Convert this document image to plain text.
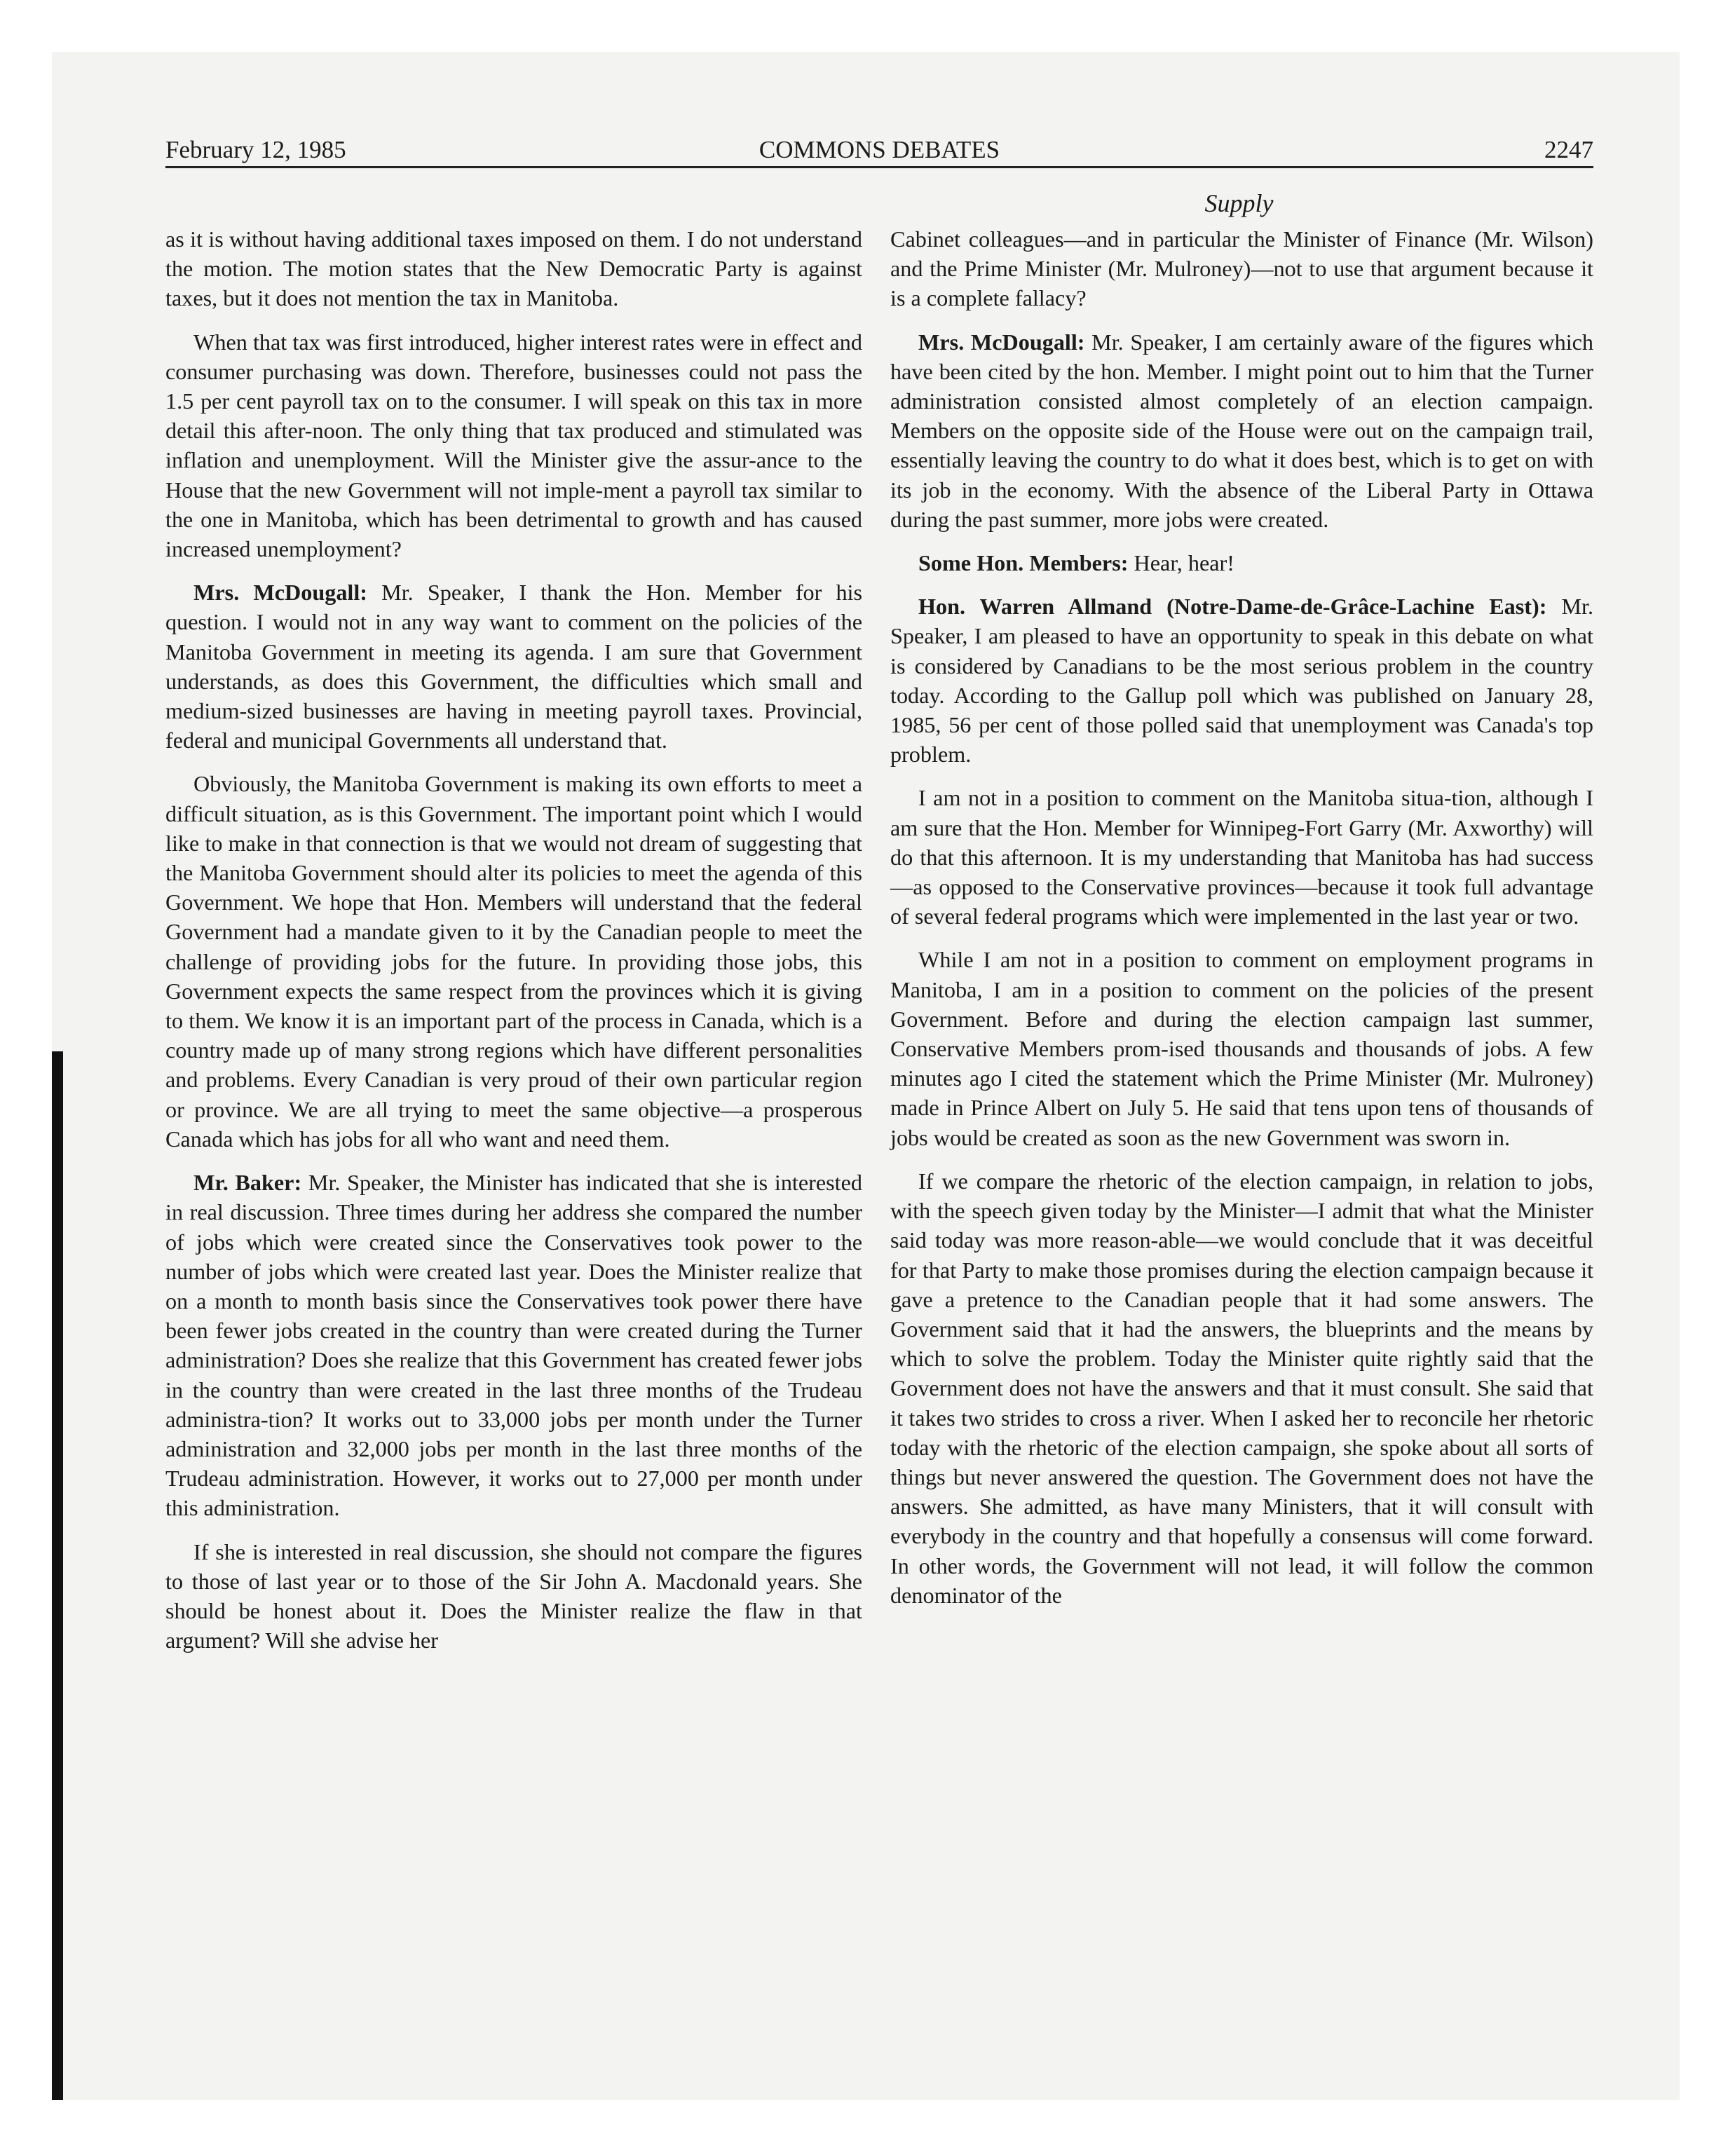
February 12, 1985	COMMONS DEBATES	2247
Supply

as it is without having additional taxes imposed on them. I do not understand the motion. The motion states that the New Democratic Party is against taxes, but it does not mention the tax in Manitoba.

When that tax was first introduced, higher interest rates were in effect and consumer purchasing was down. Therefore, businesses could not pass the 1.5 per cent payroll tax on to the consumer. I will speak on this tax in more detail this after-noon. The only thing that tax produced and stimulated was inflation and unemployment. Will the Minister give the assur-ance to the House that the new Government will not imple-ment a payroll tax similar to the one in Manitoba, which has been detrimental to growth and has caused increased unemployment?

Mrs. McDougall: Mr. Speaker, I thank the Hon. Member for his question. I would not in any way want to comment on the policies of the Manitoba Government in meeting its agenda. I am sure that Government understands, as does this Government, the difficulties which small and medium-sized businesses are having in meeting payroll taxes. Provincial, federal and municipal Governments all understand that.

Obviously, the Manitoba Government is making its own efforts to meet a difficult situation, as is this Government. The important point which I would like to make in that connection is that we would not dream of suggesting that the Manitoba Government should alter its policies to meet the agenda of this Government. We hope that Hon. Members will understand that the federal Government had a mandate given to it by the Canadian people to meet the challenge of providing jobs for the future. In providing those jobs, this Government expects the same respect from the provinces which it is giving to them. We know it is an important part of the process in Canada, which is a country made up of many strong regions which have different personalities and problems. Every Canadian is very proud of their own particular region or province. We are all trying to meet the same objective—a prosperous Canada which has jobs for all who want and need them.

Mr. Baker: Mr. Speaker, the Minister has indicated that she is interested in real discussion. Three times during her address she compared the number of jobs which were created since the Conservatives took power to the number of jobs which were created last year. Does the Minister realize that on a month to month basis since the Conservatives took power there have been fewer jobs created in the country than were created during the Turner administration? Does she realize that this Government has created fewer jobs in the country than were created in the last three months of the Trudeau administra-tion? It works out to 33,000 jobs per month under the Turner administration and 32,000 jobs per month in the last three months of the Trudeau administration. However, it works out to 27,000 per month under this administration.

If she is interested in real discussion, she should not compare the figures to those of last year or to those of the Sir John A. Macdonald years. She should be honest about it. Does the Minister realize the flaw in that argument? Will she advise her

Cabinet colleagues—and in particular the Minister of Finance (Mr. Wilson) and the Prime Minister (Mr. Mulroney)—not to use that argument because it is a complete fallacy?

Mrs. McDougall: Mr. Speaker, I am certainly aware of the figures which have been cited by the hon. Member. I might point out to him that the Turner administration consisted almost completely of an election campaign. Members on the opposite side of the House were out on the campaign trail, essentially leaving the country to do what it does best, which is to get on with its job in the economy. With the absence of the Liberal Party in Ottawa during the past summer, more jobs were created.

Some Hon. Members: Hear, hear!

Hon. Warren Allmand (Notre-Dame-de-Grâce-Lachine East): Mr. Speaker, I am pleased to have an opportunity to speak in this debate on what is considered by Canadians to be the most serious problem in the country today. According to the Gallup poll which was published on January 28, 1985, 56 per cent of those polled said that unemployment was Canada's top problem.

I am not in a position to comment on the Manitoba situa-tion, although I am sure that the Hon. Member for Winnipeg-Fort Garry (Mr. Axworthy) will do that this afternoon. It is my understanding that Manitoba has had success—as opposed to the Conservative provinces—because it took full advantage of several federal programs which were implemented in the last year or two.

While I am not in a position to comment on employment programs in Manitoba, I am in a position to comment on the policies of the present Government. Before and during the election campaign last summer, Conservative Members prom-ised thousands and thousands of jobs. A few minutes ago I cited the statement which the Prime Minister (Mr. Mulroney) made in Prince Albert on July 5. He said that tens upon tens of thousands of jobs would be created as soon as the new Government was sworn in.

If we compare the rhetoric of the election campaign, in relation to jobs, with the speech given today by the Minister—I admit that what the Minister said today was more reason-able—we would conclude that it was deceitful for that Party to make those promises during the election campaign because it gave a pretence to the Canadian people that it had some answers. The Government said that it had the answers, the blueprints and the means by which to solve the problem. Today the Minister quite rightly said that the Government does not have the answers and that it must consult. She said that it takes two strides to cross a river. When I asked her to reconcile her rhetoric today with the rhetoric of the election campaign, she spoke about all sorts of things but never answered the question. The Government does not have the answers. She admitted, as have many Ministers, that it will consult with everybody in the country and that hopefully a consensus will come forward. In other words, the Government will not lead, it will follow the common denominator of the
